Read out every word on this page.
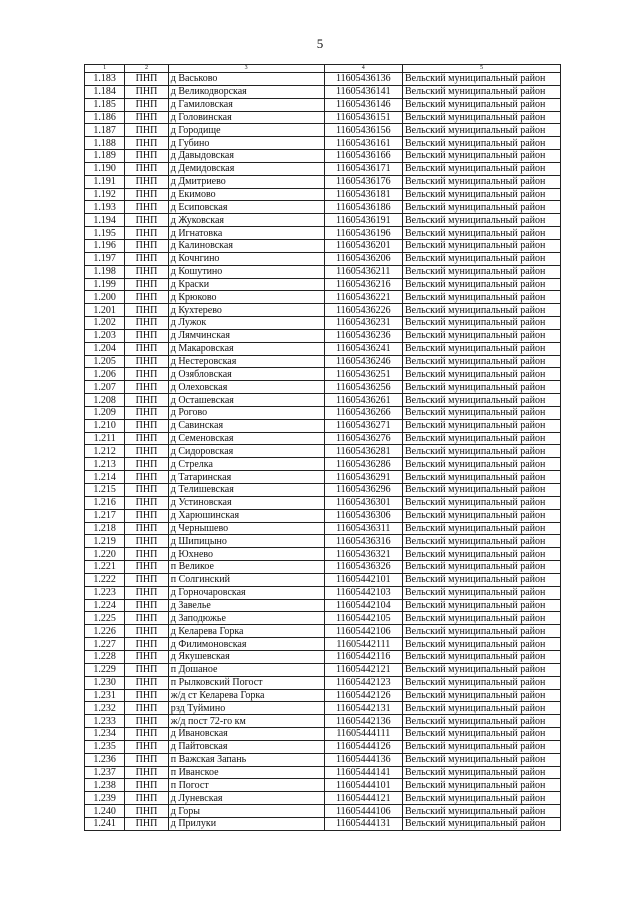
5
1	2	3	4	5
1.183	ПНП	д Васьково	11605436136	Вельский муниципальный район
1.184	ПНП	д Великодворская	11605436141	Вельский муниципальный район
1.185	ПНП	д Гамиловская	11605436146	Вельский муниципальный район
1.186	ПНП	д Головинская	11605436151	Вельский муниципальный район
1.187	ПНП	д Городище	11605436156	Вельский муниципальный район
1.188	ПНП	д Губино	11605436161	Вельский муниципальный район
1.189	ПНП	д Давыдовская	11605436166	Вельский муниципальный район
1.190	ПНП	д Демидовская	11605436171	Вельский муниципальный район
1.191	ПНП	д Дмитриево	11605436176	Вельский муниципальный район
1.192	ПНП	д Екимово	11605436181	Вельский муниципальный район
1.193	ПНП	д Есиповская	11605436186	Вельский муниципальный район
1.194	ПНП	д Жуковская	11605436191	Вельский муниципальный район
1.195	ПНП	д Игнатовка	11605436196	Вельский муниципальный район
1.196	ПНП	д Калиновская	11605436201	Вельский муниципальный район
1.197	ПНП	д Кочнгино	11605436206	Вельский муниципальный район
1.198	ПНП	д Кошутино	11605436211	Вельский муниципальный район
1.199	ПНП	д Краски	11605436216	Вельский муниципальный район
1.200	ПНП	д Крюково	11605436221	Вельский муниципальный район
1.201	ПНП	д Кухтерево	11605436226	Вельский муниципальный район
1.202	ПНП	д Лужок	11605436231	Вельский муниципальный район
1.203	ПНП	д Лямчинская	11605436236	Вельский муниципальный район
1.204	ПНП	д Макаровская	11605436241	Вельский муниципальный район
1.205	ПНП	д Нестеровская	11605436246	Вельский муниципальный район
1.206	ПНП	д Озябловская	11605436251	Вельский муниципальный район
1.207	ПНП	д Олеховская	11605436256	Вельский муниципальный район
1.208	ПНП	д Осташевская	11605436261	Вельский муниципальный район
1.209	ПНП	д Рогово	11605436266	Вельский муниципальный район
1.210	ПНП	д Савинская	11605436271	Вельский муниципальный район
1.211	ПНП	д Семеновская	11605436276	Вельский муниципальный район
1.212	ПНП	д Сидоровская	11605436281	Вельский муниципальный район
1.213	ПНП	д Стрелка	11605436286	Вельский муниципальный район
1.214	ПНП	д Татаринская	11605436291	Вельский муниципальный район
1.215	ПНП	д Телишевская	11605436296	Вельский муниципальный район
1.216	ПНП	д Устиновская	11605436301	Вельский муниципальный район
1.217	ПНП	д Харюшинская	11605436306	Вельский муниципальный район
1.218	ПНП	д Чернышево	11605436311	Вельский муниципальный район
1.219	ПНП	д Шипицыно	11605436316	Вельский муниципальный район
1.220	ПНП	д Юхнево	11605436321	Вельский муниципальный район
1.221	ПНП	п Великое	11605436326	Вельский муниципальный район
1.222	ПНП	п Солгинский	11605442101	Вельский муниципальный район
1.223	ПНП	д Горночаровская	11605442103	Вельский муниципальный район
1.224	ПНП	д Завелье	11605442104	Вельский муниципальный район
1.225	ПНП	д Заподюжье	11605442105	Вельский муниципальный район
1.226	ПНП	д Келарева Горка	11605442106	Вельский муниципальный район
1.227	ПНП	д Филимоновская	11605442111	Вельский муниципальный район
1.228	ПНП	д Якушевская	11605442116	Вельский муниципальный район
1.229	ПНП	п Дошаное	11605442121	Вельский муниципальный район
1.230	ПНП	п Рылковский Погост	11605442123	Вельский муниципальный район
1.231	ПНП	ж/д ст Келарева Горка	11605442126	Вельский муниципальный район
1.232	ПНП	рзд Туймино	11605442131	Вельский муниципальный район
1.233	ПНП	ж/д пост 72-го км	11605442136	Вельский муниципальный район
1.234	ПНП	д Ивановская	11605444111	Вельский муниципальный район
1.235	ПНП	д Пайтовская	11605444126	Вельский муниципальный район
1.236	ПНП	п Важская Запань	11605444136	Вельский муниципальный район
1.237	ПНП	п Иванское	11605444141	Вельский муниципальный район
1.238	ПНП	п Погост	11605444101	Вельский муниципальный район
1.239	ПНП	д Луневская	11605444121	Вельский муниципальный район
1.240	ПНП	д Горы	11605444106	Вельский муниципальный район
1.241	ПНП	д Прилуки	11605444131	Вельский муниципальный район
